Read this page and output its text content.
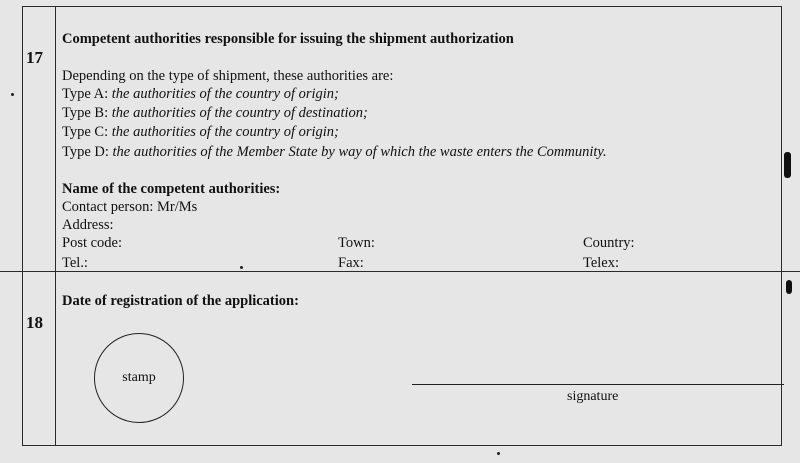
17
Competent authorities responsible for issuing the shipment authorization
Depending on the type of shipment, these authorities are:
Type A: the authorities of the country of origin;
Type B: the authorities of the country of destination;
Type C: the authorities of the country of origin;
Type D: the authorities of the Member State by way of which the waste enters the Community.
Name of the competent authorities:
Contact person: Mr/Ms
Address:
Post code:	Town:	Country:
Tel.:	Fax:	Telex:
18
Date of registration of the application:
stamp
signature
